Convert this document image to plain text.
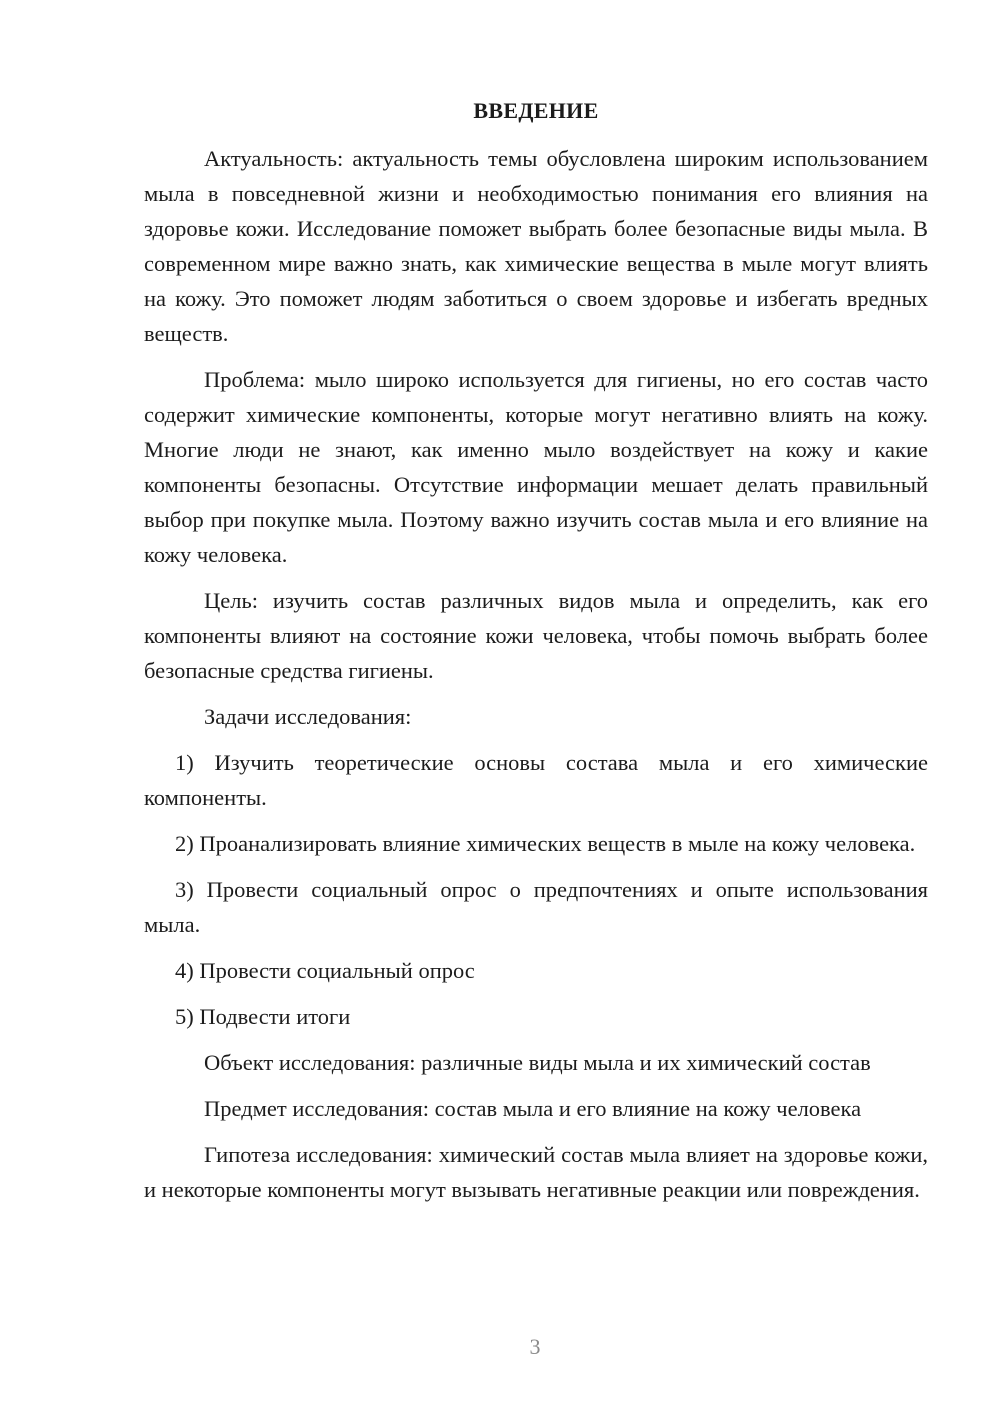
ВВЕДЕНИЕ

Актуальность: актуальность темы обусловлена широким использованием мыла в повседневной жизни и необходимостью понимания его влияния на здоровье кожи. Исследование поможет выбрать более безопасные виды мыла. В современном мире важно знать, как химические вещества в мыле могут влиять на кожу. Это поможет людям заботиться о своем здоровье и избегать вредных веществ.

Проблема: мыло широко используется для гигиены, но его состав часто содержит химические компоненты, которые могут негативно влиять на кожу. Многие люди не знают, как именно мыло воздействует на кожу и какие компоненты безопасны. Отсутствие информации мешает делать правильный выбор при покупке мыла. Поэтому важно изучить состав мыла и его влияние на кожу человека.

Цель: изучить состав различных видов мыла и определить, как его компоненты влияют на состояние кожи человека, чтобы помочь выбрать более безопасные средства гигиены.

Задачи исследования:

1) Изучить теоретические основы состава мыла и его химические компоненты.

2) Проанализировать влияние химических веществ в мыле на кожу человека.

3) Провести социальный опрос о предпочтениях и опыте использования мыла.

4) Провести социальный опрос

5) Подвести итоги

Объект исследования: различные виды мыла и их химический состав

Предмет исследования: состав мыла и его влияние на кожу человека

Гипотеза исследования: химический состав мыла влияет на здоровье кожи, и некоторые компоненты могут вызывать негативные реакции или повреждения.

3
